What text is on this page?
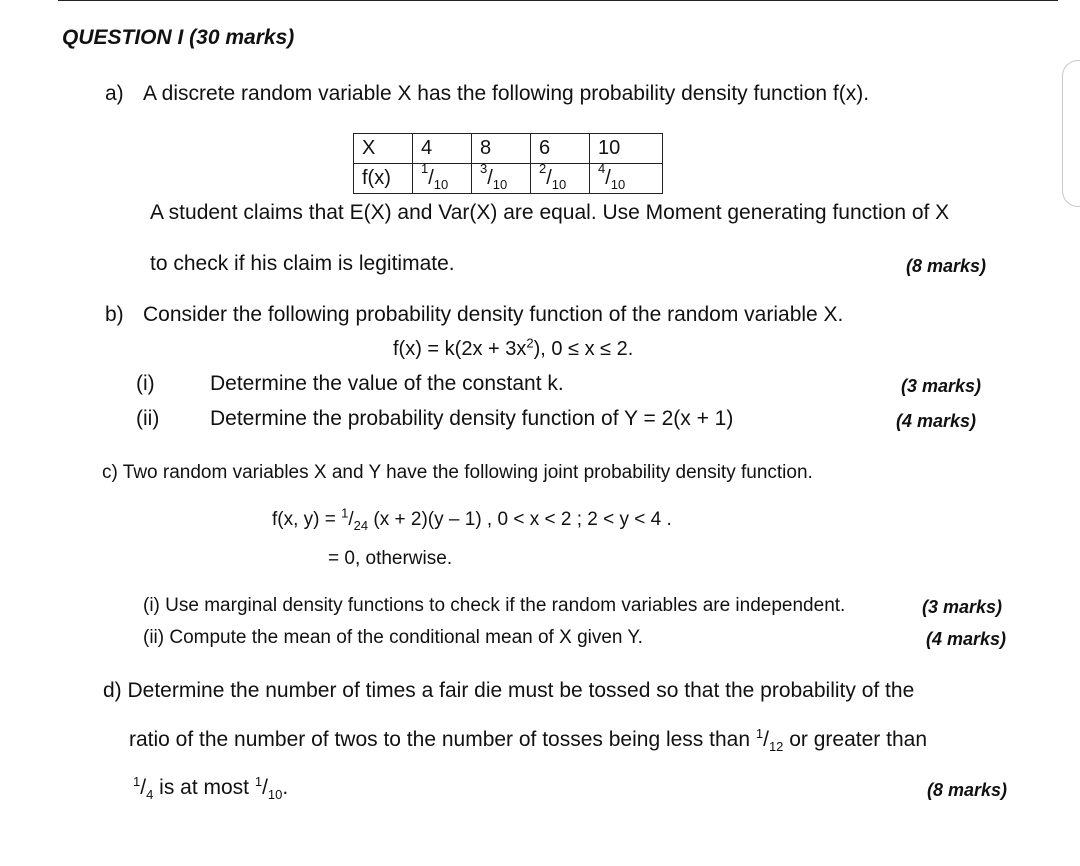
QUESTION I (30 marks)
a) A discrete random variable X has the following probability density function f(x).
X	4	8	6	10
f(x)	$^1/_{10}$	$^3/_{10}$	$^2/_{10}$	$^4/_{10}$
A student claims that E(X) and Var(X) are equal. Use Moment generating function of X
to check if his claim is legitimate.	(8 marks)
b) Consider the following probability density function of the random variable X.
$f(x) = k(2x + 3x^2)$, 0 ≤ x ≤ 2.
(i)	Determine the value of the constant k.	(3 marks)
(ii) Determine the probability density function of Y = 2(x + 1)	(4 marks)
c) Two random variables X and Y have the following joint probability density function.
f(x, $y) = ^1/_{24}$ (x + 2)(y – 1) , 0 < x < 2 ; 2 < y < 4 .
= 0, otherwise.
(i) Use marginal density functions to check if the random variables are independent.	(3 marks)
(ii) Compute the mean of the conditional mean of X given Y.	(4 marks)
d) Determine the number of times a fair die must be tossed so that the probability of the
ratio of the number of twos to the number of tosses being less than $^1/_{12}$ or greater than
$^1/_4$ is at most $^1/_{10}$.	(8 marks)
